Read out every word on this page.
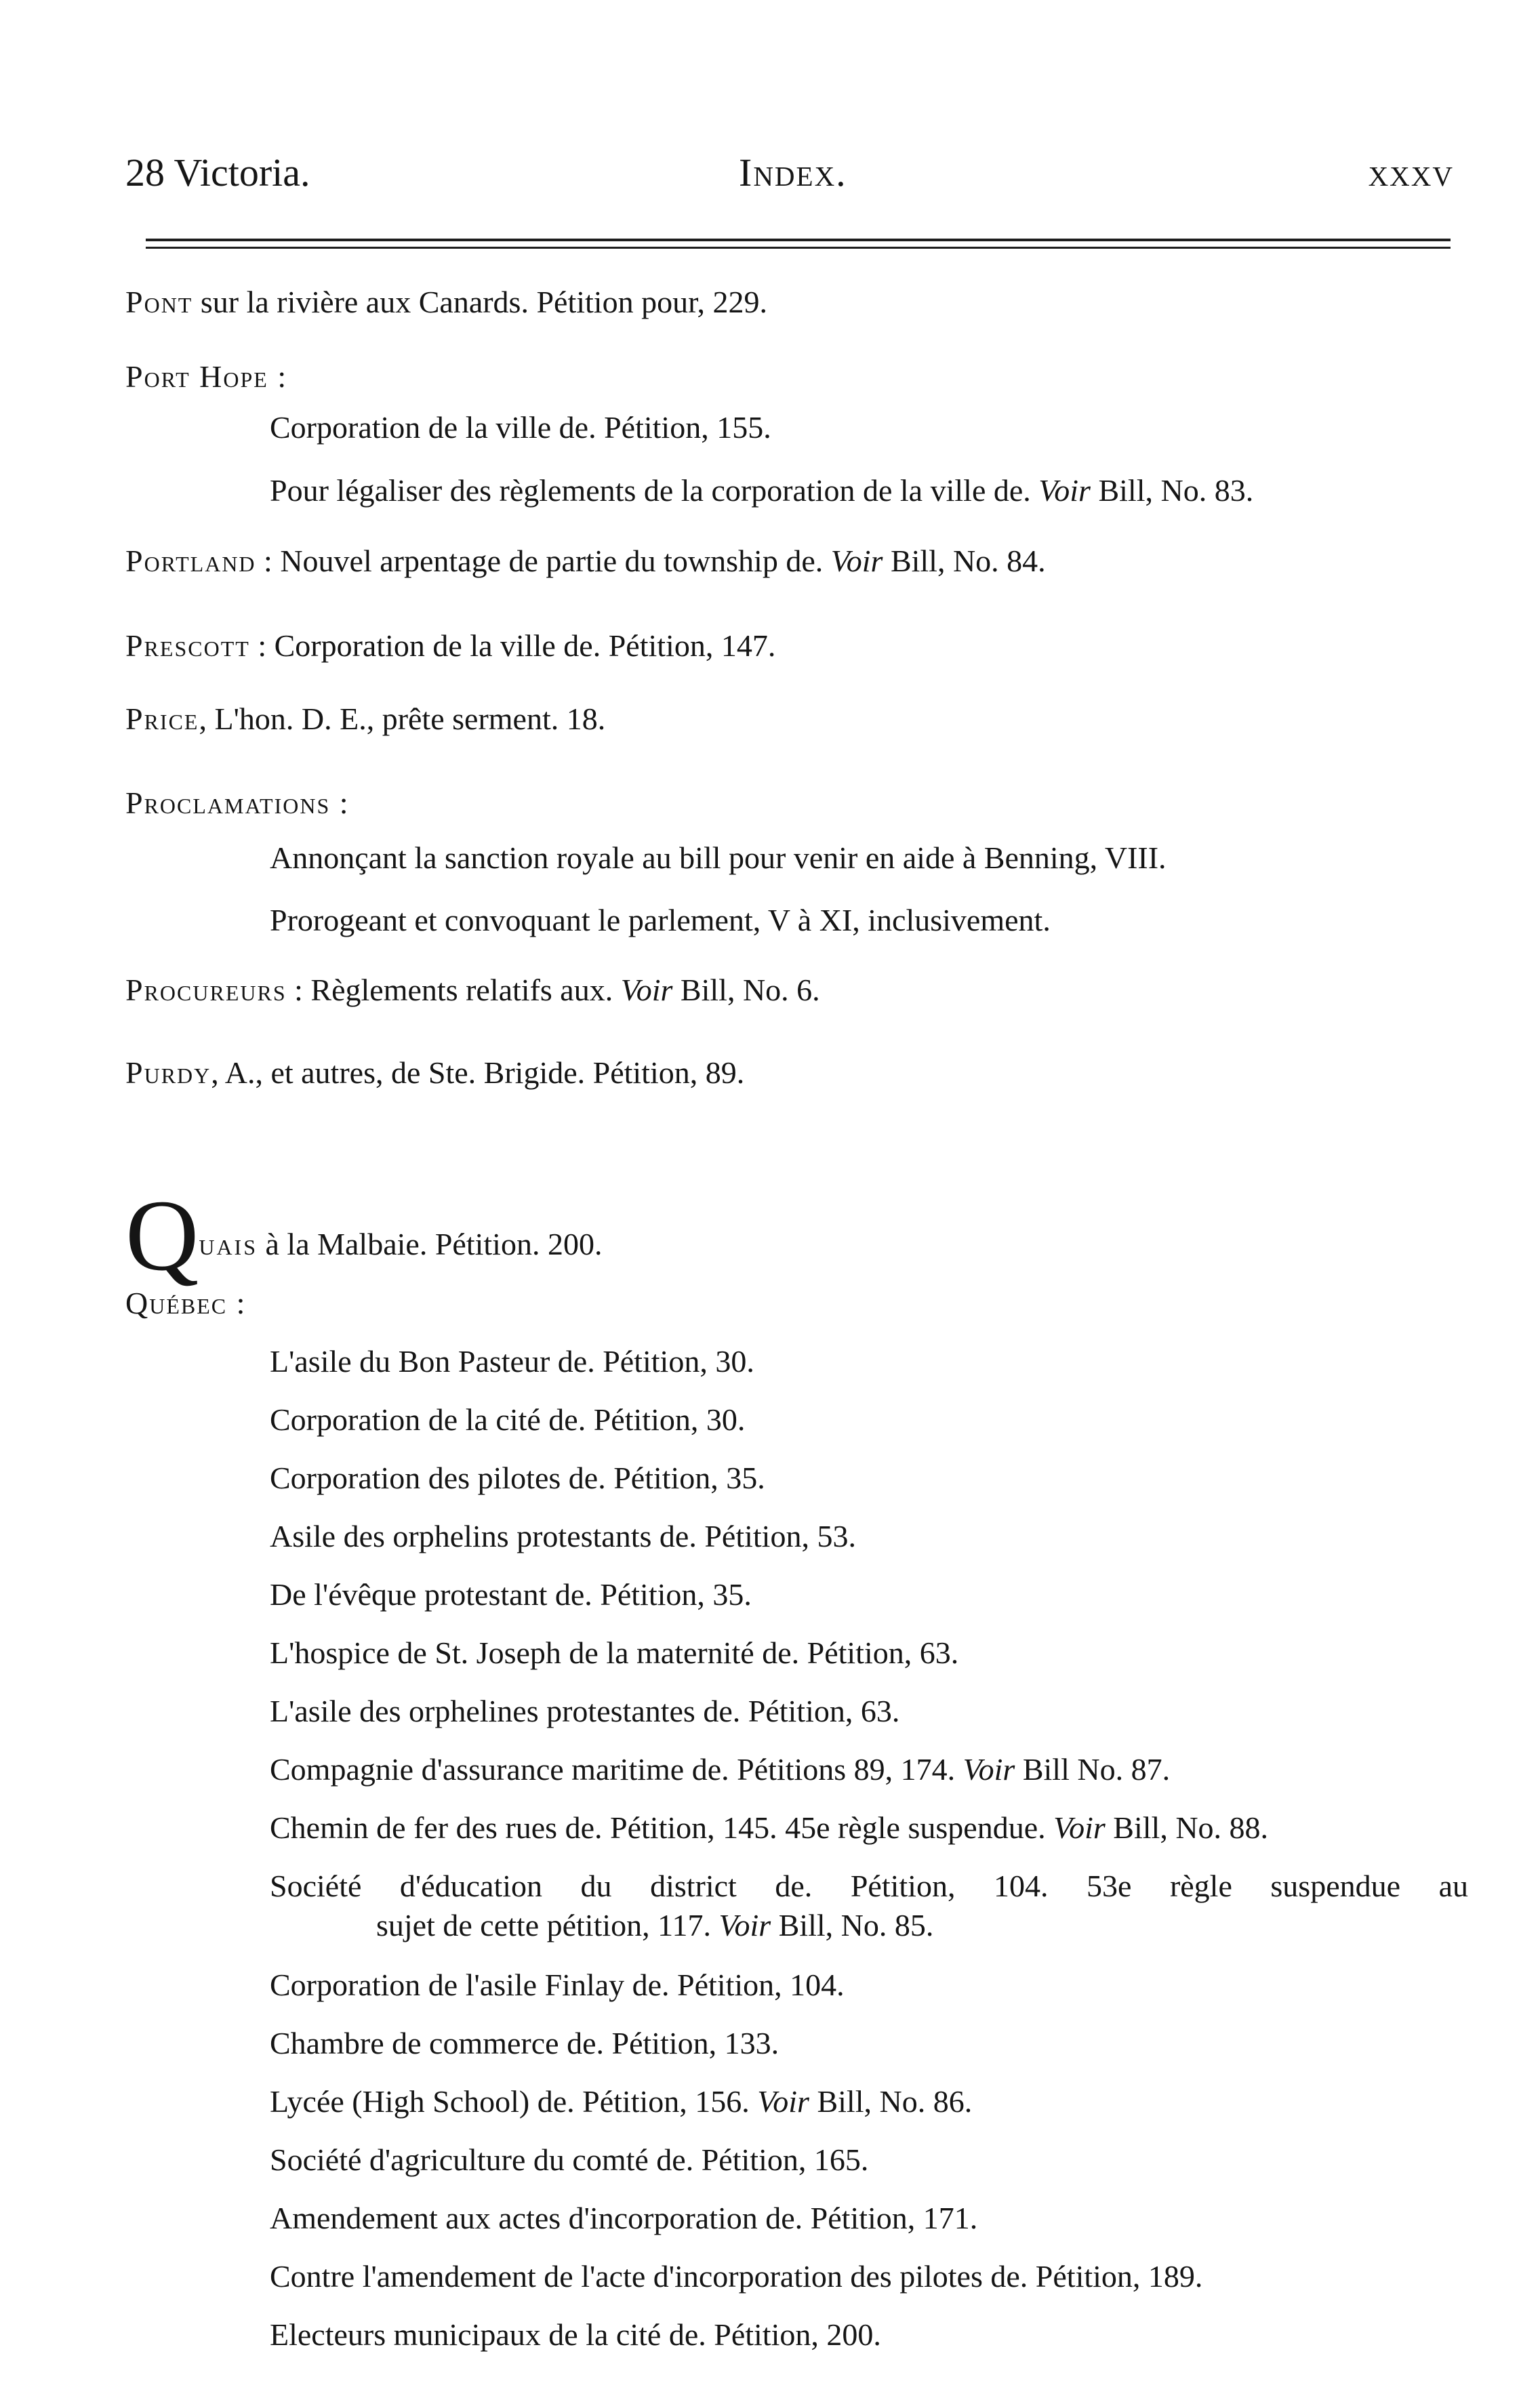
28 Victoria.	Index.	xxxv
Pont sur la rivière aux Canards. Pétition pour, 229.
Port Hope :
Corporation de la ville de. Pétition, 155.
Pour légaliser des règlements de la corporation de la ville de. Voir Bill, No. 83.
Portland : Nouvel arpentage de partie du township de. Voir Bill, No. 84.
Prescott : Corporation de la ville de. Pétition, 147.
Price, L'hon. D. E., prête serment. 18.
Proclamations :
Annonçant la sanction royale au bill pour venir en aide à Benning, VIII.
Prorogeant et convoquant le parlement, V à XI, inclusivement.
Procureurs : Règlements relatifs aux. Voir Bill, No. 6.
Purdy, A., et autres, de Ste. Brigide. Pétition, 89.
Quais à la Malbaie. Pétition. 200.
Québec :
L'asile du Bon Pasteur de. Pétition, 30.
Corporation de la cité de. Pétition, 30.
Corporation des pilotes de. Pétition, 35.
Asile des orphelins protestants de. Pétition, 53.
De l'évêque protestant de. Pétition, 35.
L'hospice de St. Joseph de la maternité de. Pétition, 63.
L'asile des orphelines protestantes de. Pétition, 63.
Compagnie d'assurance maritime de. Pétitions 89, 174. Voir Bill No. 87.
Chemin de fer des rues de. Pétition, 145. 45e règle suspendue. Voir Bill, No. 88.
Société d'éducation du district de. Pétition, 104. 53e règle suspendue au
sujet de cette pétition, 117. Voir Bill, No. 85.
Corporation de l'asile Finlay de. Pétition, 104.
Chambre de commerce de. Pétition, 133.
Lycée (High School) de. Pétition, 156. Voir Bill, No. 86.
Société d'agriculture du comté de. Pétition, 165.
Amendement aux actes d'incorporation de. Pétition, 171.
Contre l'amendement de l'acte d'incorporation des pilotes de. Pétition, 189.
Electeurs municipaux de la cité de. Pétition, 200.
